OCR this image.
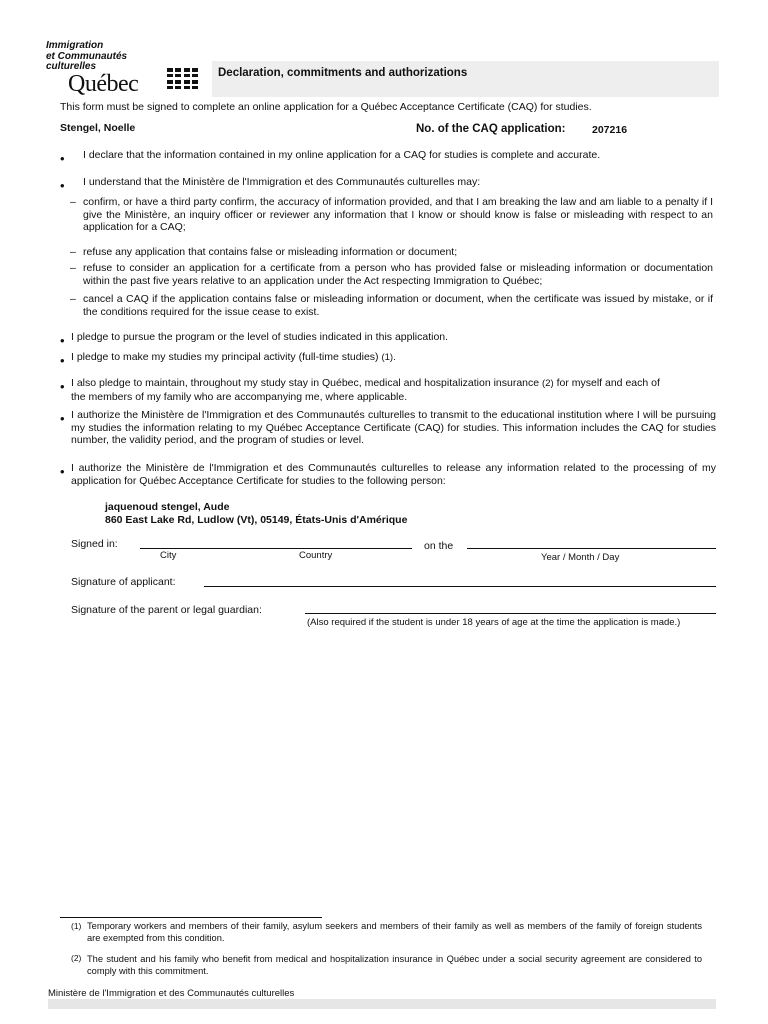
Immigration
et Communautés
culturelles
Québec	Declaration, commitments and authorizations
This form must be signed to complete an online application for a Québec Acceptance Certificate (CAQ) for studies.
Stengel, Noelle	No. of the CAQ application:	207216
• I declare that the information contained in my online application for a CAQ for studies is complete and accurate.
• I understand that the Ministère de l'Immigration et des Communautés culturelles may:
– confirm, or have a third party confirm, the accuracy of information provided, and that I am breaking the law and am liable to a penalty if I give the Ministère, an inquiry officer or reviewer any information that I know or should know is false or misleading with respect to an application for a CAQ;
– refuse any application that contains false or misleading information or document;
– refuse to consider an application for a certificate from a person who has provided false or misleading information or documentation within the past five years relative to an application under the Act respecting Immigration to Québec;
– cancel a CAQ if the application contains false or misleading information or document, when the certificate was issued by mistake, or if the conditions required for the issue cease to exist.
• I pledge to pursue the program or the level of studies indicated in this application.
• I pledge to make my studies my principal activity (full-time studies) (1).
• I also pledge to maintain, throughout my study stay in Québec, medical and hospitalization insurance (2) for myself and each of
the members of my family who are accompanying me, where applicable.
• I authorize the Ministère de l'Immigration et des Communautés culturelles to transmit to the educational institution where I will be pursuing my studies the information relating to my Québec Acceptance Certificate (CAQ) for studies. This information includes the CAQ for studies number, the validity period, and the program of studies or level.
• I authorize the Ministère de l'Immigration et des Communautés culturelles to release any information related to the processing of my application for Québec Acceptance Certificate for studies to the following person:
jaquenoud stengel, Aude
860 East Lake Rd, Ludlow (Vt), 05149, États-Unis d'Amérique
Signed in:
City	Country
on the
Year / Month / Day
Signature of applicant:
Signature of the parent or legal guardian:
(Also required if the student is under 18 years of age at the time the application is made.)
(1) Temporary workers and members of their family, asylum seekers and members of their family as well as members of the family of foreign students are exempted from this condition.
(2) The student and his family who benefit from medical and hospitalization insurance in Québec under a social security agreement are considered to comply with this commitment.
Ministère de l'Immigration et des Communautés culturelles
